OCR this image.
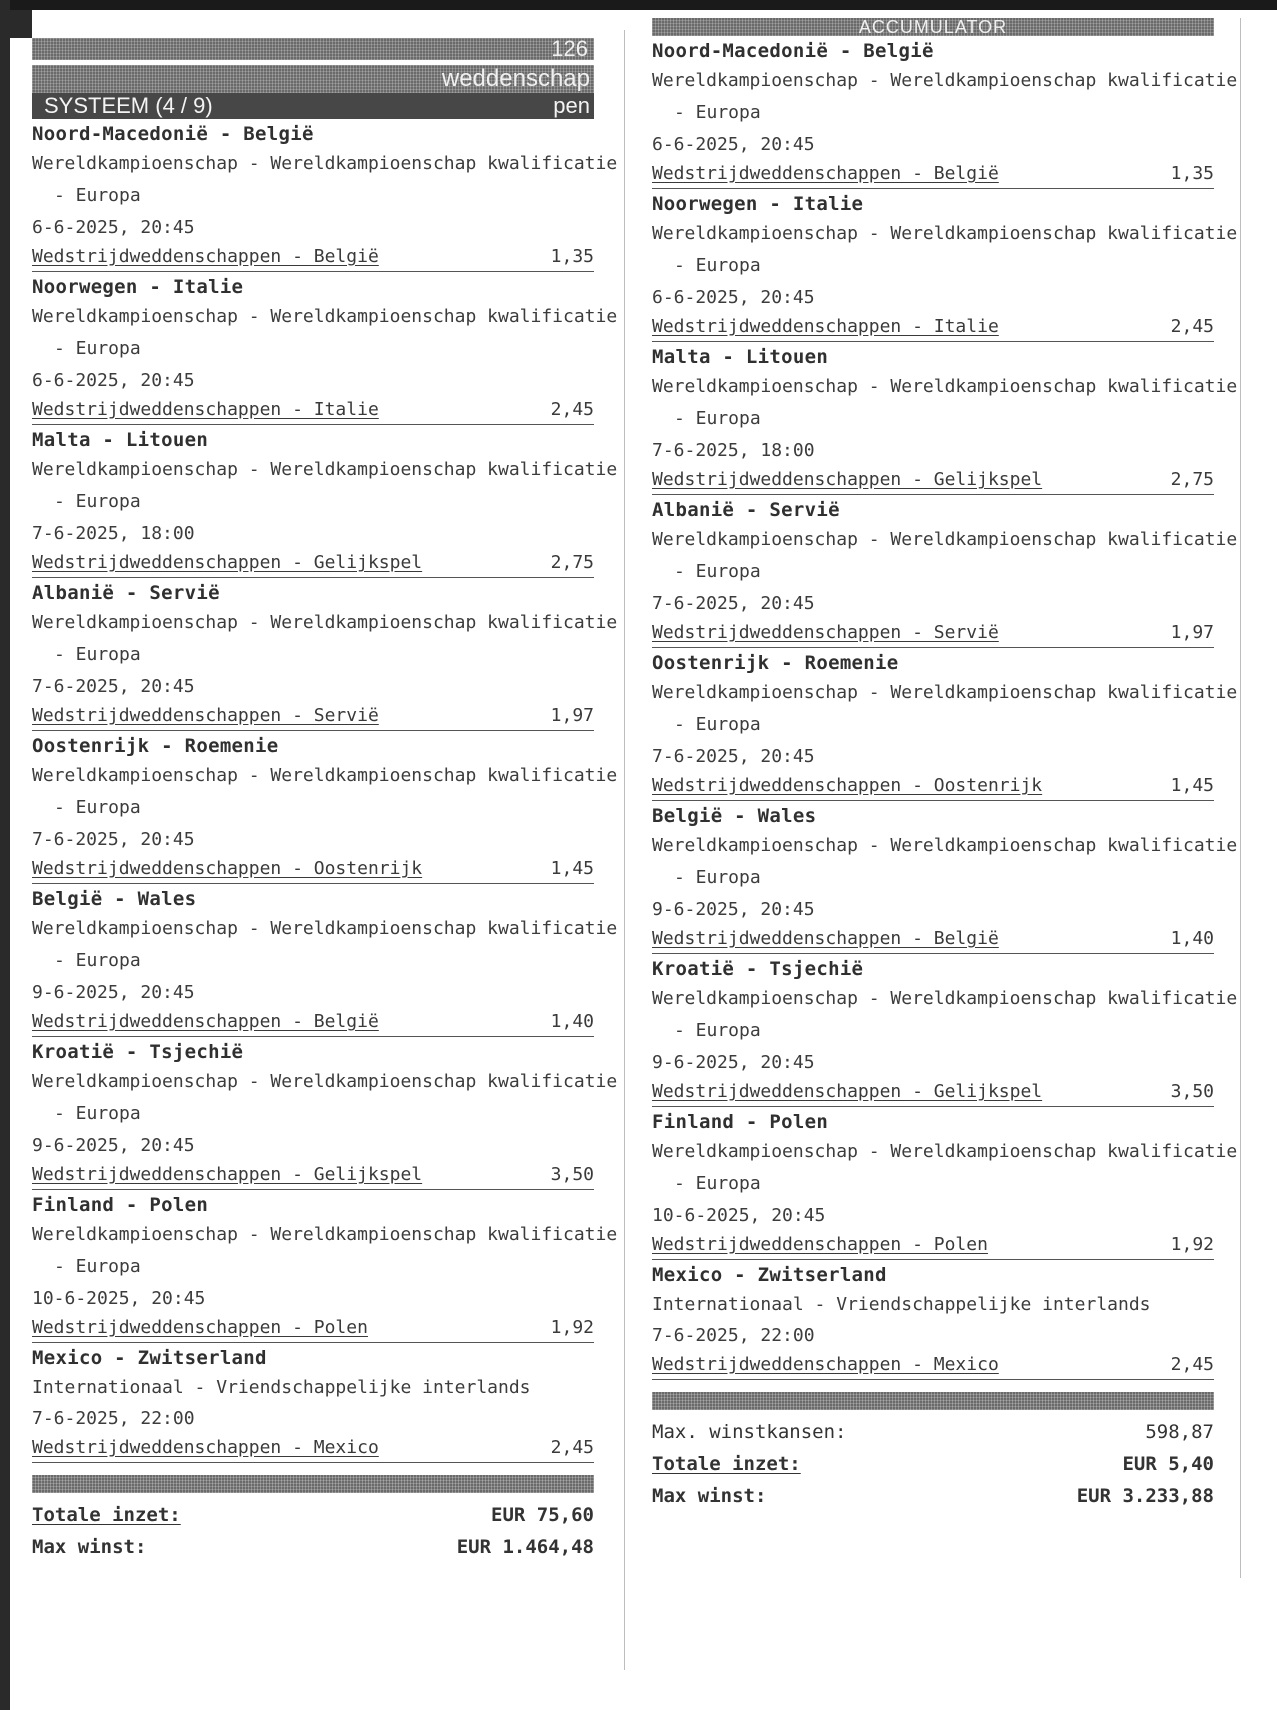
126
weddenschap
SYSTEEM (4 / 9)	pen
Noord-Macedonië - België
Wereldkampioenschap - Wereldkampioenschap kwalificatie
- Europa
6-6-2025, 20:45
Wedstrijdweddenschappen - België	1,35
Noorwegen - Italie
Wereldkampioenschap - Wereldkampioenschap kwalificatie
- Europa
6-6-2025, 20:45
Wedstrijdweddenschappen - Italie	2,45
Malta - Litouen
Wereldkampioenschap - Wereldkampioenschap kwalificatie
- Europa
7-6-2025, 18:00
Wedstrijdweddenschappen - Gelijkspel	2,75
Albanië - Servië
Wereldkampioenschap - Wereldkampioenschap kwalificatie
- Europa
7-6-2025, 20:45
Wedstrijdweddenschappen - Servië	1,97
Oostenrijk - Roemenie
Wereldkampioenschap - Wereldkampioenschap kwalificatie
- Europa
7-6-2025, 20:45
Wedstrijdweddenschappen - Oostenrijk	1,45
België - Wales
Wereldkampioenschap - Wereldkampioenschap kwalificatie
- Europa
9-6-2025, 20:45
Wedstrijdweddenschappen - België	1,40
Kroatië - Tsjechië
Wereldkampioenschap - Wereldkampioenschap kwalificatie
- Europa
9-6-2025, 20:45
Wedstrijdweddenschappen - Gelijkspel	3,50
Finland - Polen
Wereldkampioenschap - Wereldkampioenschap kwalificatie
- Europa
10-6-2025, 20:45
Wedstrijdweddenschappen - Polen	1,92
Mexico - Zwitserland
Internationaal - Vriendschappelijke interlands
7-6-2025, 22:00
Wedstrijdweddenschappen - Mexico	2,45
Totale inzet:	EUR 75,60
Max winst:	EUR 1.464,48
ACCUMULATOR
Noord-Macedonië - België
Wereldkampioenschap - Wereldkampioenschap kwalificatie
- Europa
6-6-2025, 20:45
Wedstrijdweddenschappen - België	1,35
Noorwegen - Italie
Wereldkampioenschap - Wereldkampioenschap kwalificatie
- Europa
6-6-2025, 20:45
Wedstrijdweddenschappen - Italie	2,45
Malta - Litouen
Wereldkampioenschap - Wereldkampioenschap kwalificatie
- Europa
7-6-2025, 18:00
Wedstrijdweddenschappen - Gelijkspel	2,75
Albanië - Servië
Wereldkampioenschap - Wereldkampioenschap kwalificatie
- Europa
7-6-2025, 20:45
Wedstrijdweddenschappen - Servië	1,97
Oostenrijk - Roemenie
Wereldkampioenschap - Wereldkampioenschap kwalificatie
- Europa
7-6-2025, 20:45
Wedstrijdweddenschappen - Oostenrijk	1,45
België - Wales
Wereldkampioenschap - Wereldkampioenschap kwalificatie
- Europa
9-6-2025, 20:45
Wedstrijdweddenschappen - België	1,40
Kroatië - Tsjechië
Wereldkampioenschap - Wereldkampioenschap kwalificatie
- Europa
9-6-2025, 20:45
Wedstrijdweddenschappen - Gelijkspel	3,50
Finland - Polen
Wereldkampioenschap - Wereldkampioenschap kwalificatie
- Europa
10-6-2025, 20:45
Wedstrijdweddenschappen - Polen	1,92
Mexico - Zwitserland
Internationaal - Vriendschappelijke interlands
7-6-2025, 22:00
Wedstrijdweddenschappen - Mexico	2,45
Max. winstkansen:	598,87
Totale inzet:	EUR 5,40
Max winst:	EUR 3.233,88
